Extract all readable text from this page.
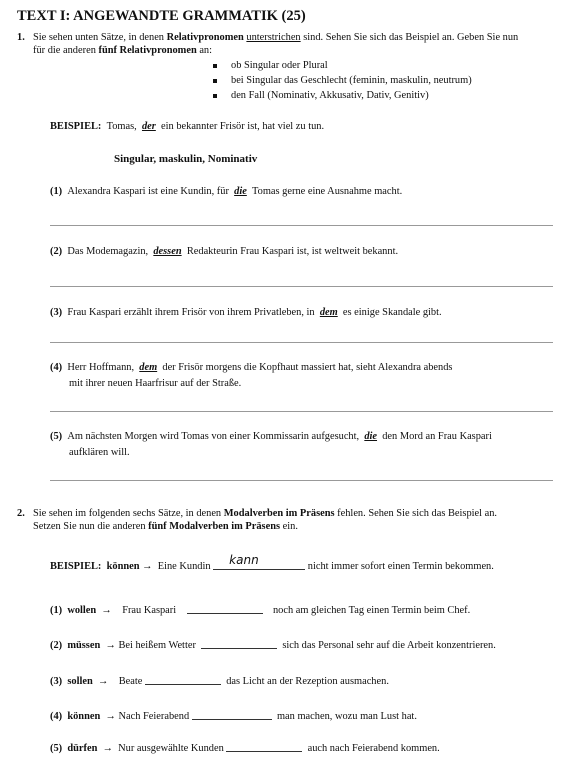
TEXT I: ANGEWANDTE GRAMMATIK (25)
1. Sie sehen unten Sätze, in denen Relativpronomen unterstrichen sind. Sehen Sie sich das Beispiel an. Geben Sie nun
für die anderen fünf Relativpronomen an:
ob Singular oder Plural
bei Singular das Geschlecht (feminin, maskulin, neutrum)
den Fall (Nominativ, Akkusativ, Dativ, Genitiv)
BEISPIEL: Tomas, der ein bekannter Frisör ist, hat viel zu tun.
Singular, maskulin, Nominativ
(1) Alexandra Kaspari ist eine Kundin, für die Tomas gerne eine Ausnahme macht.
(2) Das Modemagazin, dessen Redakteurin Frau Kaspari ist, ist weltweit bekannt.
(3) Frau Kaspari erzählt ihrem Frisör von ihrem Privatleben, in dem es einige Skandale gibt.
(4) Herr Hoffmann, dem der Frisör morgens die Kopfhaut massiert hat, sieht Alexandra abends
mit ihrer neuen Haarfrisur auf der Straße.
(5) Am nächsten Morgen wird Tomas von einer Kommissarin aufgesucht, die den Mord an Frau Kaspari
aufklären will.
2. Sie sehen im folgenden sechs Sätze, in denen Modalverben im Präsens fehlen. Sehen Sie sich das Beispiel an.
Setzen Sie nun die anderen fünf Modalverben im Präsens ein.
BEISPIEL: können → Eine Kundin kann	nicht immer sofort einen Termin bekommen.
(1) wollen → Frau Kaspari	noch am gleichen Tag einen Termin beim Chef.
(2) müssen → Bei heißem Wetter	sich das Personal sehr auf die Arbeit konzentrieren.
(3) sollen → Beate	das Licht an der Rezeption ausmachen.
(4) können → Nach Feierabend	man machen, wozu man Lust hat.
(5) dürfen → Nur ausgewählte Kunden	auch nach Feierabend kommen.
